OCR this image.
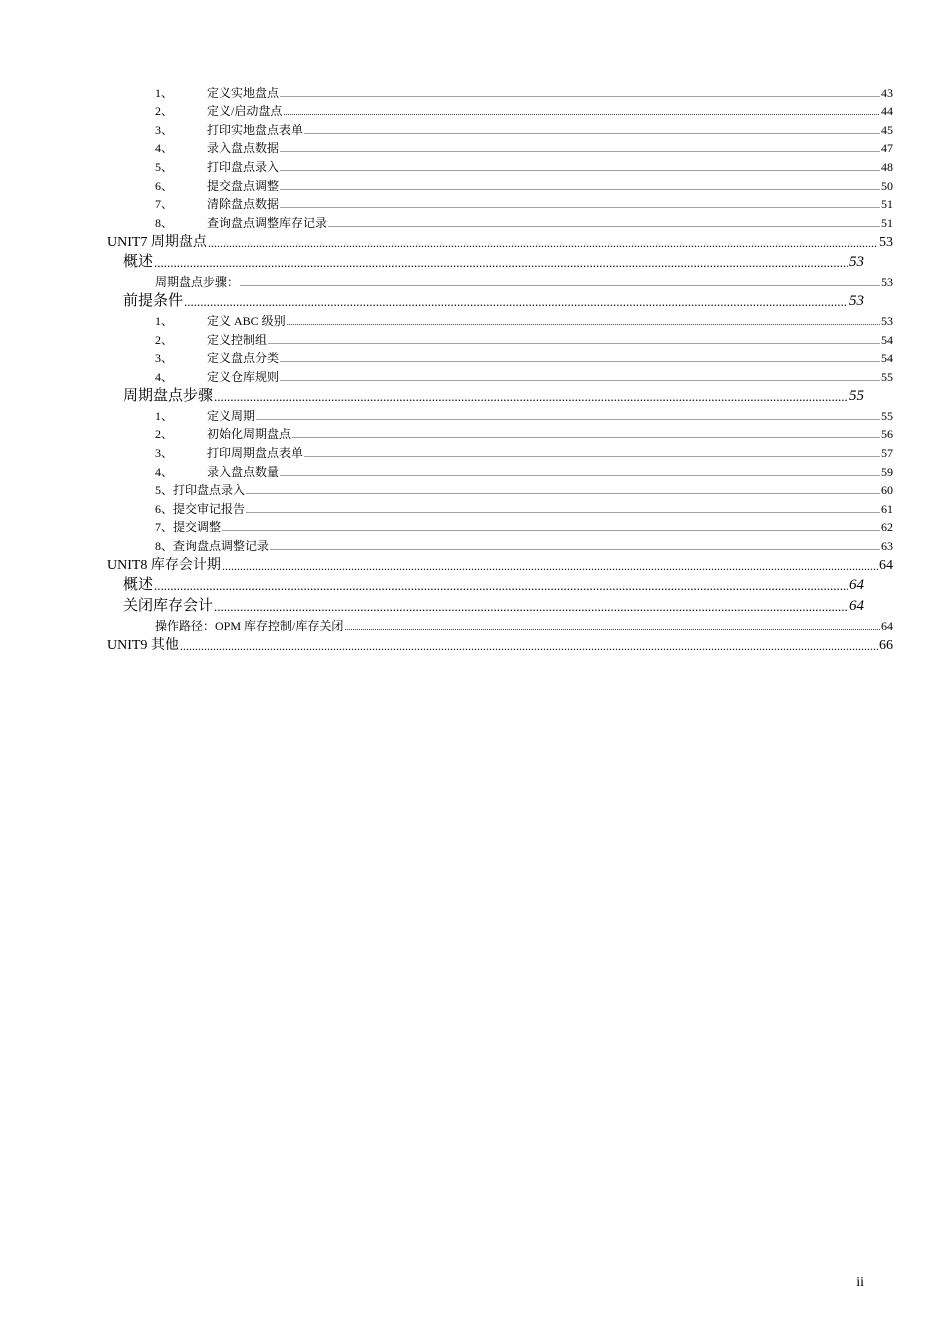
1、	定义实地盘点 .....	43
2、	定义/启动盘点 .....	44
3、	打印实地盘点表单 .....	45
4、	录入盘点数据 .....	47
5、	打印盘点录入 .....	48
6、	提交盘点调整 .....	50
7、	清除盘点数据 .....	51
8、	查询盘点调整库存记录 .....	51
UNIT7 周期盘点 .....	53
概述 .....	53
周期盘点步骤： .....	53
前提条件 .....	53
1、	定义 ABC 级别 .....	53
2、	定义控制组 .....	54
3、	定义盘点分类 .....	54
4、	定义仓库规则 .....	55
周期盘点步骤 .....	55
1、	定义周期 .....	55
2、	初始化周期盘点 .....	56
3、	打印周期盘点表单 .....	57
4、	录入盘点数量 .....	59
5、打印盘点录入 .....	60
6、提交审记报告 .....	61
7、提交调整 .....	62
8、查询盘点调整记录 .....	63
UNIT8 库存会计期 .....	64
概述 .....	64
关闭库存会计 .....	64
操作路径：OPM 库存控制/库存关闭 .....	64
UNIT9 其他 .....	66
ii
